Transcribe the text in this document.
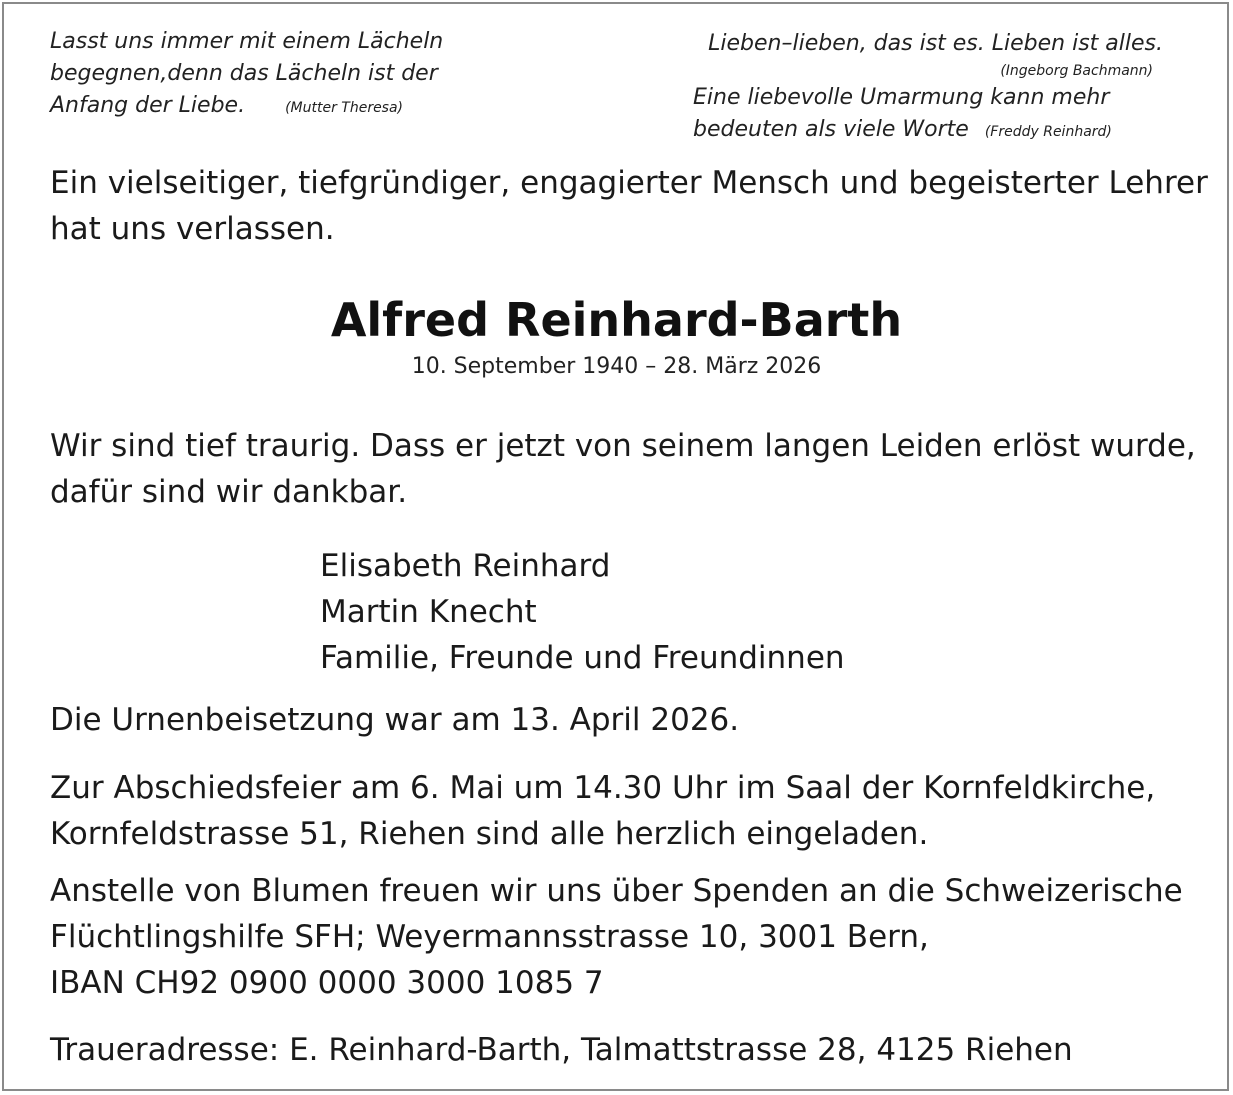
Lasst uns immer mit einem Lächeln
begegnen,denn das Lächeln ist der
Anfang der Liebe.	(Mutter Theresa)
Lieben–lieben, das ist es. Lieben ist alles.
(Ingeborg Bachmann)
Eine liebevolle Umarmung kann mehr
bedeuten als viele Worte (Freddy Reinhard)
Ein vielseitiger, tiefgründiger, engagierter Mensch und begeisterter Lehrer
hat uns verlassen.
Alfred Reinhard-Barth
10. September 1940 – 28. März 2026
Wir sind tief traurig. Dass er jetzt von seinem langen Leiden erlöst wurde,
dafür sind wir dankbar.
Elisabeth Reinhard
Martin Knecht
Familie, Freunde und Freundinnen
Die Urnenbeisetzung war am 13. April 2026.
Zur Abschiedsfeier am 6. Mai um 14.30 Uhr im Saal der Kornfeldkirche,
Kornfeldstrasse 51, Riehen sind alle herzlich eingeladen.
Anstelle von Blumen freuen wir uns über Spenden an die Schweizerische
Flüchtlingshilfe SFH; Weyermannsstrasse 10, 3001 Bern,
IBAN CH92 0900 0000 3000 1085 7
Traueradresse: E. Reinhard-Barth, Talmattstrasse 28, 4125 Riehen
